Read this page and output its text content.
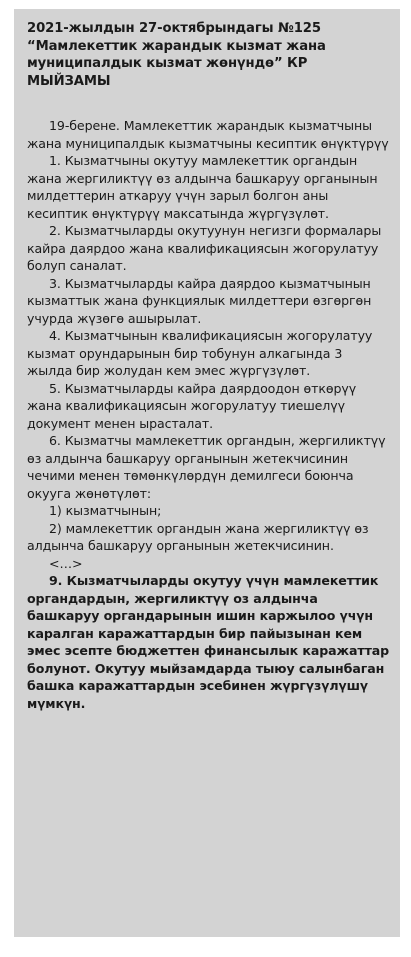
2021-жылдын 27-октябрындагы №125 “Мамлекеттик жарандык кызмат жана муниципалдык кызмат жөнүндө” КР МЫЙЗАМЫ

19-берене. Мамлекеттик жарандык кызматчыны жана муниципалдык кызматчыны кесиптик өнүктүрүү

1. Кызматчыны окутуу мамлекеттик органдын жана жергиликтүү өз алдынча башкаруу органынын милдеттерин аткаруу үчүн зарыл болгон аны кесиптик өнүктүрүү максатында жүргүзүлөт.

2. Кызматчыларды окутуунун негизги формалары кайра даярдоо жана квалификациясын жогорулатуу болуп саналат.

3. Кызматчыларды кайра даярдоо кызматчынын кызматтык жана функциялык милдеттери өзгөргөн учурда жүзөгө ашырылат.

4. Кызматчынын квалификациясын жогорулатуу кызмат орундарынын бир тобунун алкагында 3 жылда бир жолудан кем эмес жүргүзүлөт.

5. Кызматчыларды кайра даярдоодон өткөрүү жана квалификациясын жогорулатуу тиешелүү документ менен ырасталат.

6. Кызматчы мамлекеттик органдын, жергиликтүү өз алдынча башкаруу органынын жетекчисинин чечими менен төмөнкүлөрдүн демилгеси боюнча окууга жөнөтүлөт:

1) кызматчынын;

2) мамлекеттик органдын жана жергиликтүү өз алдынча башкаруу органынын жетекчисинин.

<…>

9. Кызматчыларды окутуу үчүн мамлекеттик органдардын, жергиликтүү оз алдынча башкаруу органдарынын ишин каржылоо үчүн каралган каражаттардын бир пайызынан кем эмес эсепте бюджеттен финансылык каражаттар болунот. Окутуу мыйзамдарда тыюу салынбаган башка каражаттардын эсебинен жүргүзүлүшү мүмкүн.
